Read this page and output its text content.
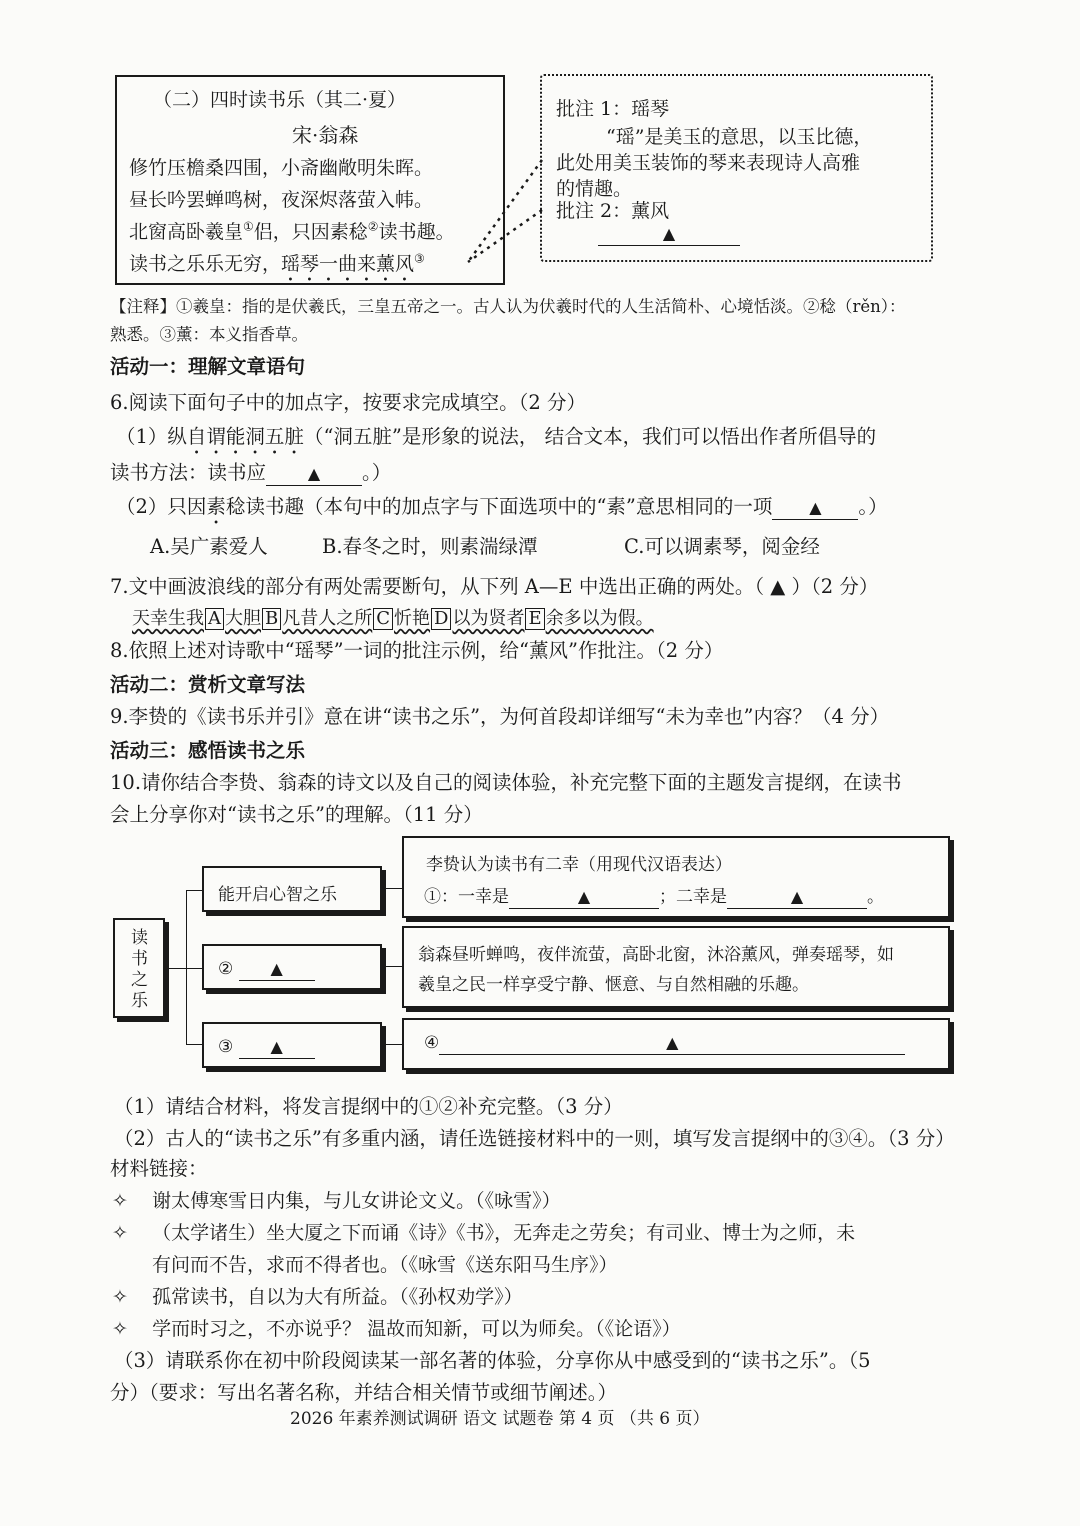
（二）四时读书乐（其二·夏）
宋·翁森
修竹压檐桑四围，小斋幽敞明朱晖。
昼长吟罢蝉鸣树，夜深烬落萤入帏。
北窗高卧羲皇①侣，只因素稔②读书趣。
读书之乐乐无穷，瑶琴一曲来薰风③
批注 1：瑶琴
“瑶”是美玉的意思，以玉比德，
此处用美玉装饰的琴来表现诗人高雅
的情趣。
批注 2：薰风
▲
【注释】①羲皇：指的是伏羲氏，三皇五帝之一。古人认为伏羲时代的人生活简朴、心境恬淡。②稔（rěn）：
熟悉。③薰：本义指香草。
活动一：理解文章语句
6.阅读下面句子中的加点字，按要求完成填空。（2 分）
（1）纵自谓能洞五脏（“洞五脏”是形象的说法， 结合文本，我们可以悟出作者所倡导的
读书方法：读书应	▲ 。）
（2）只因素稔读书趣（本句中的加点字与下面选项中的“素”意思相同的一项 ▲ 。）
A.吴广素爱人	B.春冬之时，则素湍绿潭	C.可以调素琴，阅金经
7.文中画波浪线的部分有两处需要断句，从下列 A—E 中选出正确的两处。（ ▲ ）（2 分）
天幸生我 A 大胆 B 凡昔人之所 C 忻艳 D 以为贤者 E 余多以为假。
8.依照上述对诗歌中“瑶琴”一词的批注示例，给“薰风”作批注。（2 分）
活动二：赏析文章写法
9.李贽的《读书乐并引》意在讲“读书之乐”，为何首段却详细写“未为幸也”内容？（4 分）
活动三：感悟读书之乐
10.请你结合李贽、翁森的诗文以及自己的阅读体验，补充完整下面的主题发言提纲，在读书
会上分享你对“读书之乐”的理解。（11 分）
读
书
之
乐
能开启心智之乐
② ▲
③ ▲
李贽认为读书有二幸（用现代汉语表达）
①：一幸是	▲	；二幸是	▲	。
翁森昼听蝉鸣，夜伴流萤，高卧北窗，沐浴薰风，弹奏瑶琴，如
羲皇之民一样享受宁静、惬意、与自然相融的乐趣。
④	▲
（1）请结合材料，将发言提纲中的①②补充完整。（3 分）
（2）古人的“读书之乐”有多重内涵，请任选链接材料中的一则，填写发言提纲中的③④。（3 分）
材料链接：
✧ 谢太傅寒雪日内集，与儿女讲论文义。（《咏雪》）
✧ （太学诸生）坐大厦之下而诵《诗》《书》，无奔走之劳矣；有司业、博士为之师，未
有问而不告，求而不得者也。（《咏雪《送东阳马生序》）
✧ 孤常读书，自以为大有所益。（《孙权劝学》）
✧ 学而时习之，不亦说乎？ 温故而知新，可以为师矣。（《论语》）
（3）请联系你在初中阶段阅读某一部名著的体验，分享你从中感受到的“读书之乐”。（5
分）（要求：写出名著名称，并结合相关情节或细节阐述。）
2026 年素养测试调研 语文 试题卷 第 4 页 （共 6 页）
